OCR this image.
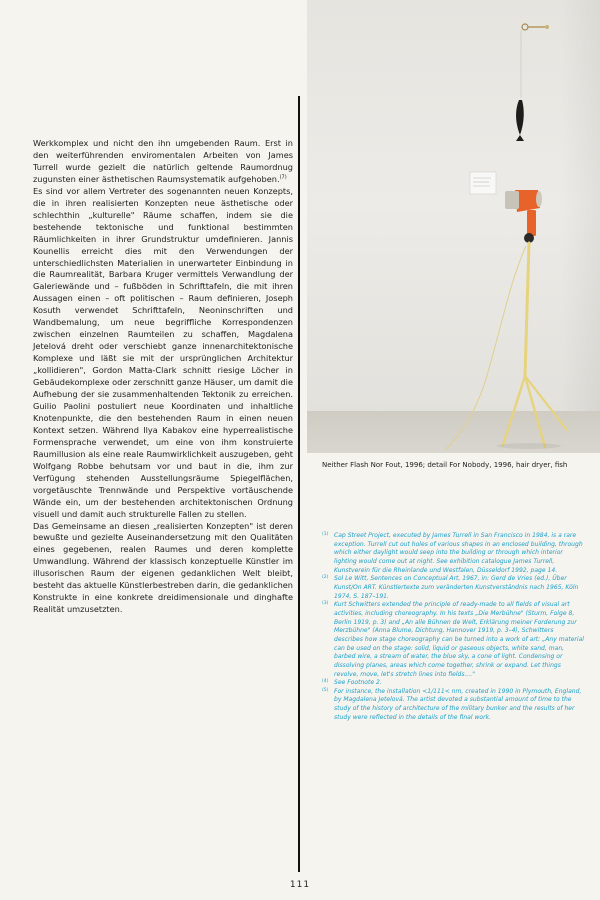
Werkkomplex und nicht den ihn umgebenden Raum. Erst in den weiterführenden enviromentalen Arbeiten von James Turrell wurde gezielt die natürlich geltende Raumordnug zugunsten einer ästhetischen Raumsystematik aufgehoben.$^{(7)}$

Es sind vor allem Vertreter des sogenannten neuen Konzepts, die in ihren realisierten Konzepten neue ästhetische oder schlechthin „kulturelle" Räume schaffen, indem sie die bestehende tektonische und funktional bestimmten Räumlichkeiten in ihrer Grundstruktur umdefinieren. Jannis Kounellis erreicht dies mit den Verwendungen der unterschiedlichsten Materialien in unerwarteter Einbindung in die Raumrealität, Barbara Kruger vermittels Verwandlung der Galeriewände und – fußböden in Schrifttafeln, die mit ihren Aussagen einen – oft politischen – Raum definieren, Joseph Kosuth verwendet Schrifttafeln, Neoninschriften und Wandbemalung, um neue begriffliche Korrespondenzen zwischen einzelnen Raumteilen zu schaffen, Magdalena Jetelová dreht oder verschiebt ganze innenarchitektonische Komplexe und läßt sie mit der ursprünglichen Architektur „kollidieren", Gordon Matta-Clark schnitt riesige Löcher in Gebäudekomplexe oder zerschnitt ganze Häuser, um damit die Aufhebung der sie zusammenhaltenden Tektonik zu erreichen. Guilio Paolini postuliert neue Koordinaten und inhaltliche Knotenpunkte, die den bestehenden Raum in einen neuen Kontext setzen. Während Ilya Kabakov eine hyperrealistische Formensprache verwendet, um eine von ihm konstruierte Raumillusion als eine reale Raumwirklichkeit auszugeben, geht Wolfgang Robbe behutsam vor und baut in die, ihm zur Verfügung stehenden Ausstellungsräume Spiegelflächen, vorgetäuschte Trennwände und Perspektive vortäuschende Wände ein, um der bestehenden architektonischen Ordnung visuell und damit auch strukturelle Fallen zu stellen.

Das Gemeinsame an diesen „realisierten Konzepten" ist deren bewußte und gezielte Auseinandersetzung mit den Qualitäten eines gegebenen, realen Raumes und deren komplette Umwandlung. Während der klassisch konzeptuelle Künstler im illusorischen Raum der eigenen gedanklichen Welt bleibt, besteht das aktuelle Künstlerbestreben darin, die gedanklichen Konstrukte in eine konkrete dreidimensionale und dinghafte Realität umzusetzten.

Neither Flash Nor Fout, 1996; detail For Nobody, 1996, hair dryer, fish

(1) Cap Street Project, executed by James Turrell in San Francisco in 1984, is a rare exception. Turrell cut out holes of various shapes in an enclosed building, through which either daylight would seep into the building or through which interior lighting would come out at night. See exhibition catalogue James Turrell, Kunstverein für die Rheinlande und Westfalen, Düsseldorf 1992, page 14.

(2) Sol Le Witt, Sentences on Conceptual Art, 1967, in: Gerd de Vries (ed.), Über Kunst/On ART. Künstlertexte zum veränderten Kunstverständnis nach 1965, Köln 1974, S. 187–191.

(3) Kurt Schwitters extended the principle of ready-made to all fields of visual art activities, including choreography. In his texts „Die Merbühne" (Sturm, Folge 8, Berlin 1919, p. 3) and „An alle Bühnen de Welt, Erklärung meiner Forderung zur Merzbühne" (Anna Blume, Dichtung, Hannover 1919, p. 3–4), Schwitters describes how stage choreography can be turned into a work of art: „Any material can be used on the stage: solid, liquid or gaseous objects, white sand, man, barbed wire, a stream of water, the blue sky, a cone of light. Condensing or dissolving planes, areas which come together, shrink or expand. Let things revolve, move, let's stretch lines into fields...."

(4) See Footnote 2.

(5) For instance, the installation <1/111< nm, created in 1990 in Plymouth, England, by Magdalena Jetelová. The artist devoted a substantial amount of time to the study of the history of architecture of the military bunker and the results of her study were reflected in the details of the final work.

111
